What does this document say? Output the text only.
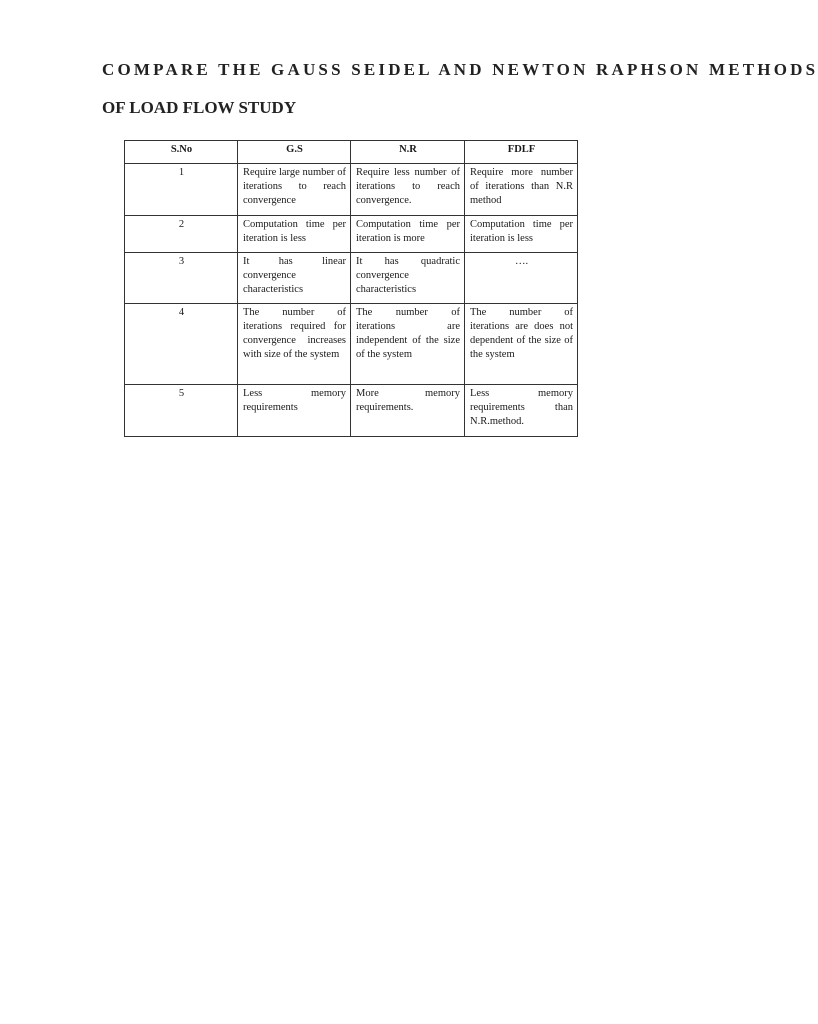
COMPARE THE GAUSS SEIDEL AND NEWTON RAPHSON METHODS
OF LOAD FLOW STUDY
S.No	G.S	N.R	FDLF
1	Require large number of iterations to reach convergence	Require less number of iterations to reach convergence.	Require more number of iterations than N.R method
2	Computation time per iteration is less	Computation time per iteration is more	Computation time per iteration is less
3	It has linear convergence characteristics	It has quadratic convergence characteristics	….
4	The number of iterations required for convergence increases with size of the system	The number of iterations are independent of the size of the system	The number of iterations are does not dependent of the size of the system
5	Less memory requirements	More memory requirements.	Less memory requirements than N.R.method.
